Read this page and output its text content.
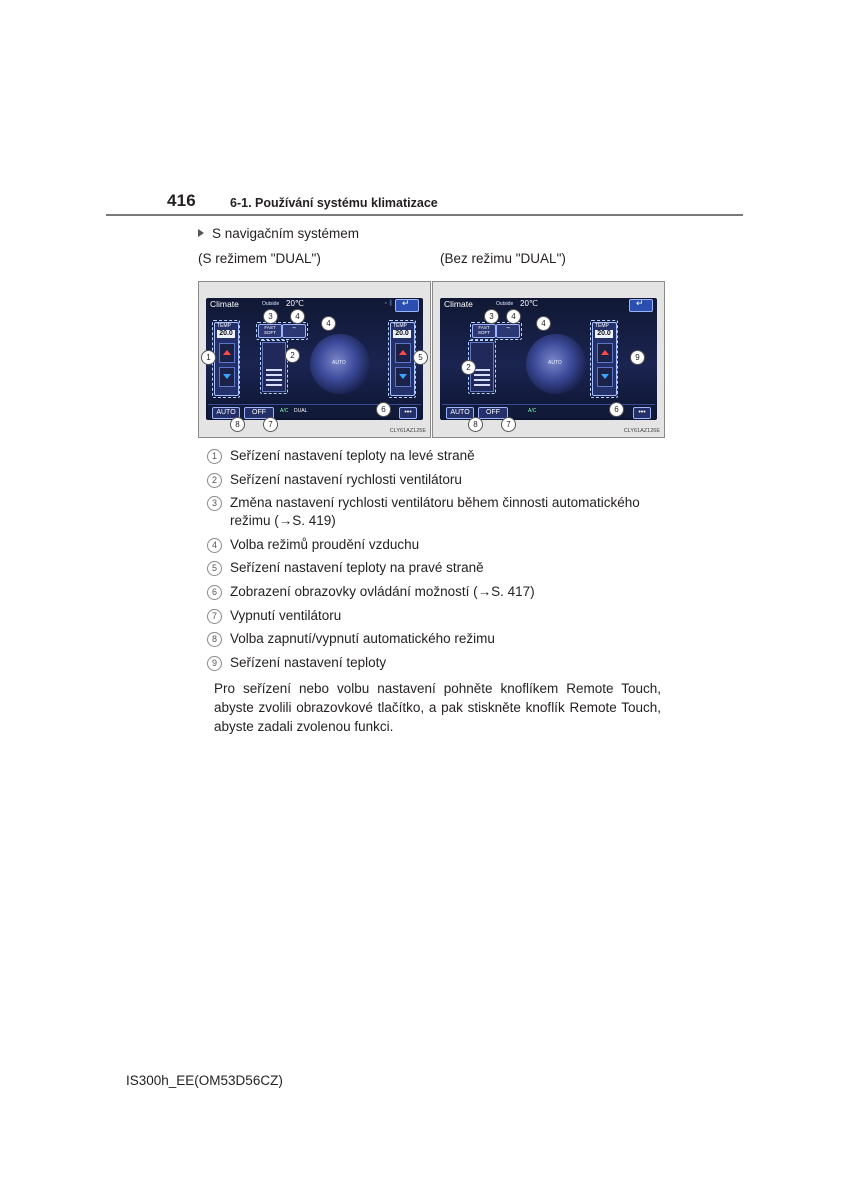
416	6-1. Používání systému klimatizace
S navigačním systémem
(S režimem "DUAL")	(Bez režimu "DUAL")
Climate	Outside 20℃	◦ ᛒ
↵
TEMP
20.0
FAST SOFT
⤳
AUTO
TEMP
20.0
AUTO	OFF	A/C DUAL	•••
1	2
3	4
4
5
6
7
8
CLY61AZ125E
Climate	Outside 20℃
↵
FAST SOFT
⤳
AUTO
TEMP
20.0
AUTO	OFF	A/C	•••
2
3	4
4
6
7
8
9
CLY61AZ126E
1 Seřízení nastavení teploty na levé straně
2 Seřízení nastavení rychlosti ventilátoru
3 Změna nastavení rychlosti ventilátoru během činnosti automatického režimu (→S. 419)
4 Volba režimů proudění vzduchu
5 Seřízení nastavení teploty na pravé straně
6 Zobrazení obrazovky ovládání možností (→S. 417)
7 Vypnutí ventilátoru
8 Volba zapnutí/vypnutí automatického režimu
9 Seřízení nastavení teploty
Pro seřízení nebo volbu nastavení pohněte knoflíkem Remote Touch, abyste zvolili obrazovkové tlačítko, a pak stiskněte knoflík Remote Touch, abyste zadali zvolenou funkci.
IS300h_EE(OM53D56CZ)
